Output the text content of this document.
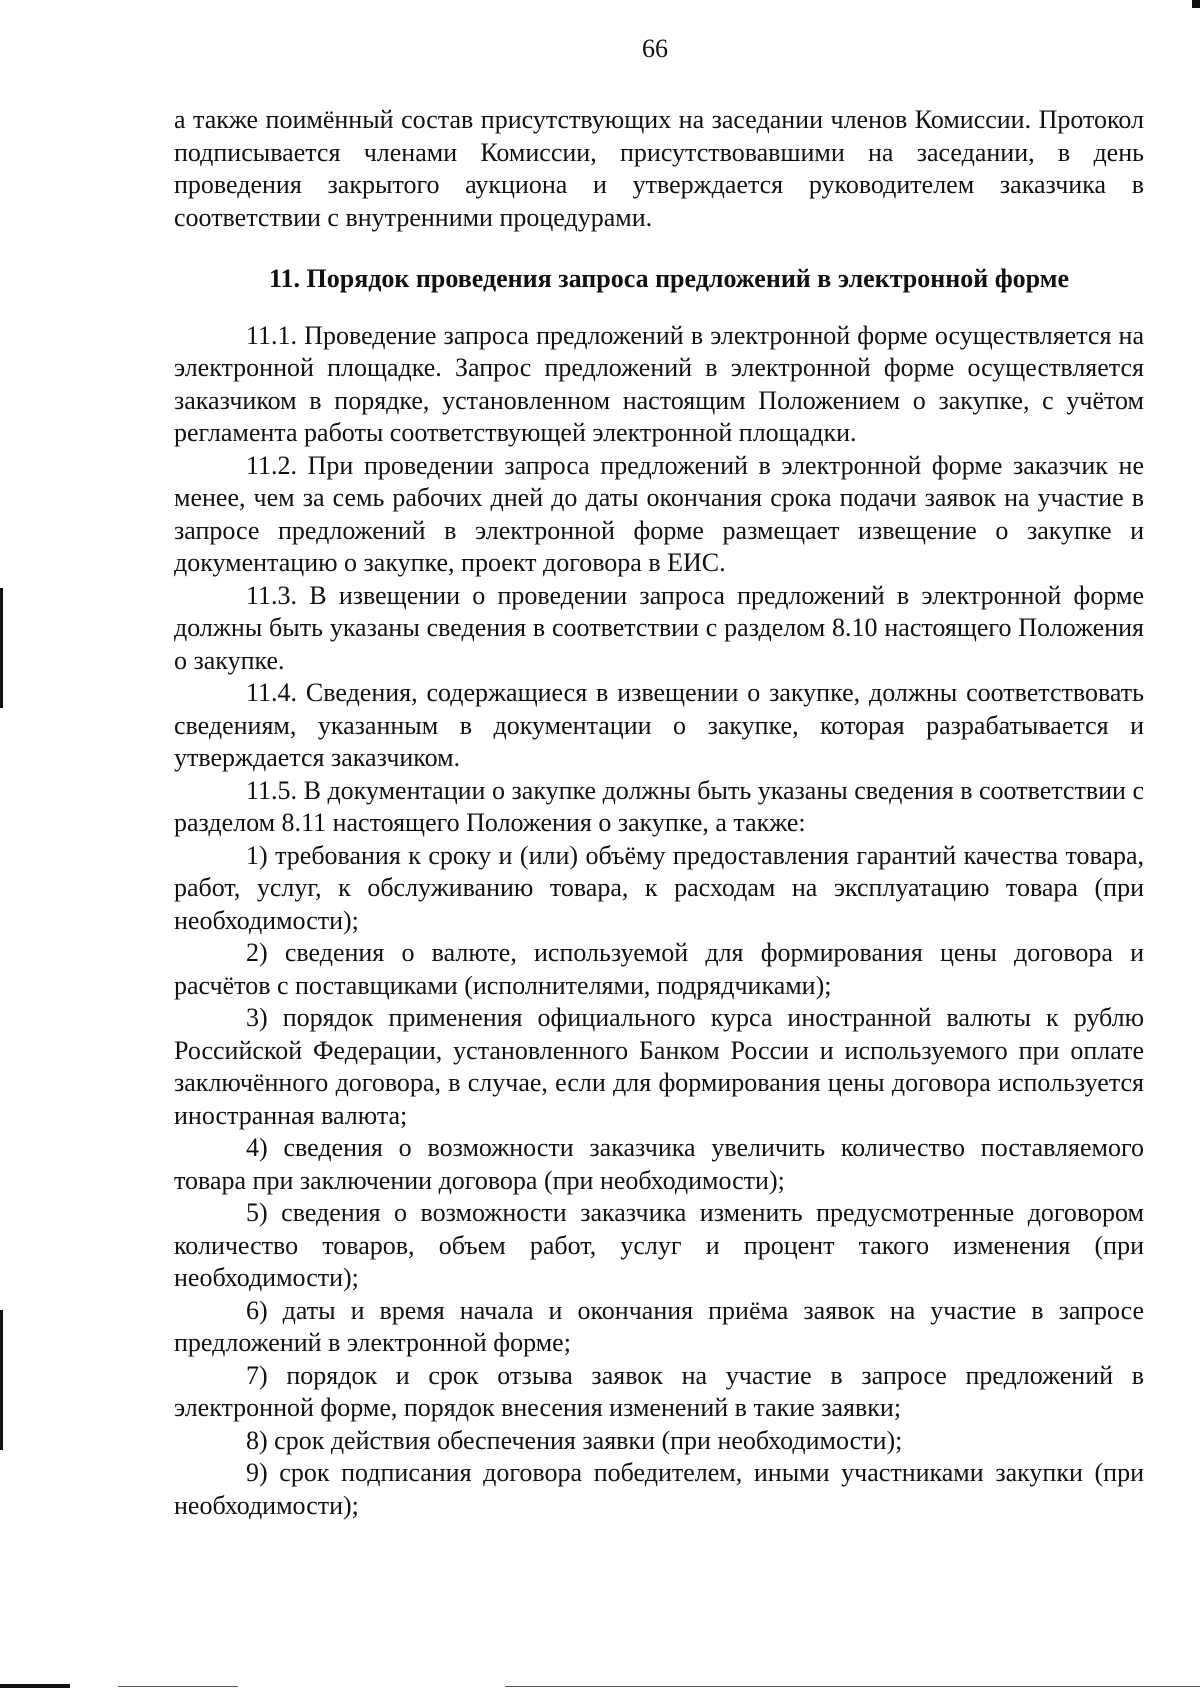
66

а также поимённый состав присутствующих на заседании членов Комиссии. Протокол подписывается членами Комиссии, присутствовавшими на заседании, в день проведения закрытого аукциона и утверждается руководителем заказчика в соответствии с внутренними процедурами.

11. Порядок проведения запроса предложений в электронной форме

11.1. Проведение запроса предложений в электронной форме осуществляется на электронной площадке. Запрос предложений в электронной форме осуществляется заказчиком в порядке, установленном настоящим Положением о закупке, с учётом регламента работы соответствующей электронной площадки.

11.2. При проведении запроса предложений в электронной форме заказчик не менее, чем за семь рабочих дней до даты окончания срока подачи заявок на участие в запросе предложений в электронной форме размещает извещение о закупке и документацию о закупке, проект договора в ЕИС.

11.3. В извещении о проведении запроса предложений в электронной форме должны быть указаны сведения в соответствии с разделом 8.10 настоящего Положения о закупке.

11.4. Сведения, содержащиеся в извещении о закупке, должны соответствовать сведениям, указанным в документации о закупке, которая разрабатывается и утверждается заказчиком.

11.5. В документации о закупке должны быть указаны сведения в соответствии с разделом 8.11 настоящего Положения о закупке, а также:

1) требования к сроку и (или) объёму предоставления гарантий качества товара, работ, услуг, к обслуживанию товара, к расходам на эксплуатацию товара (при необходимости);

2) сведения о валюте, используемой для формирования цены договора и расчётов с поставщиками (исполнителями, подрядчиками);

3) порядок применения официального курса иностранной валюты к рублю Российской Федерации, установленного Банком России и используемого при оплате заключённого договора, в случае, если для формирования цены договора используется иностранная валюта;

4) сведения о возможности заказчика увеличить количество поставляемого товара при заключении договора (при необходимости);

5) сведения о возможности заказчика изменить предусмотренные договором количество товаров, объем работ, услуг и процент такого изменения (при необходимости);

6) даты и время начала и окончания приёма заявок на участие в запросе предложений в электронной форме;

7) порядок и срок отзыва заявок на участие в запросе предложений в электронной форме, порядок внесения изменений в такие заявки;

8) срок действия обеспечения заявки (при необходимости);

9) срок подписания договора победителем, иными участниками закупки (при необходимости);
